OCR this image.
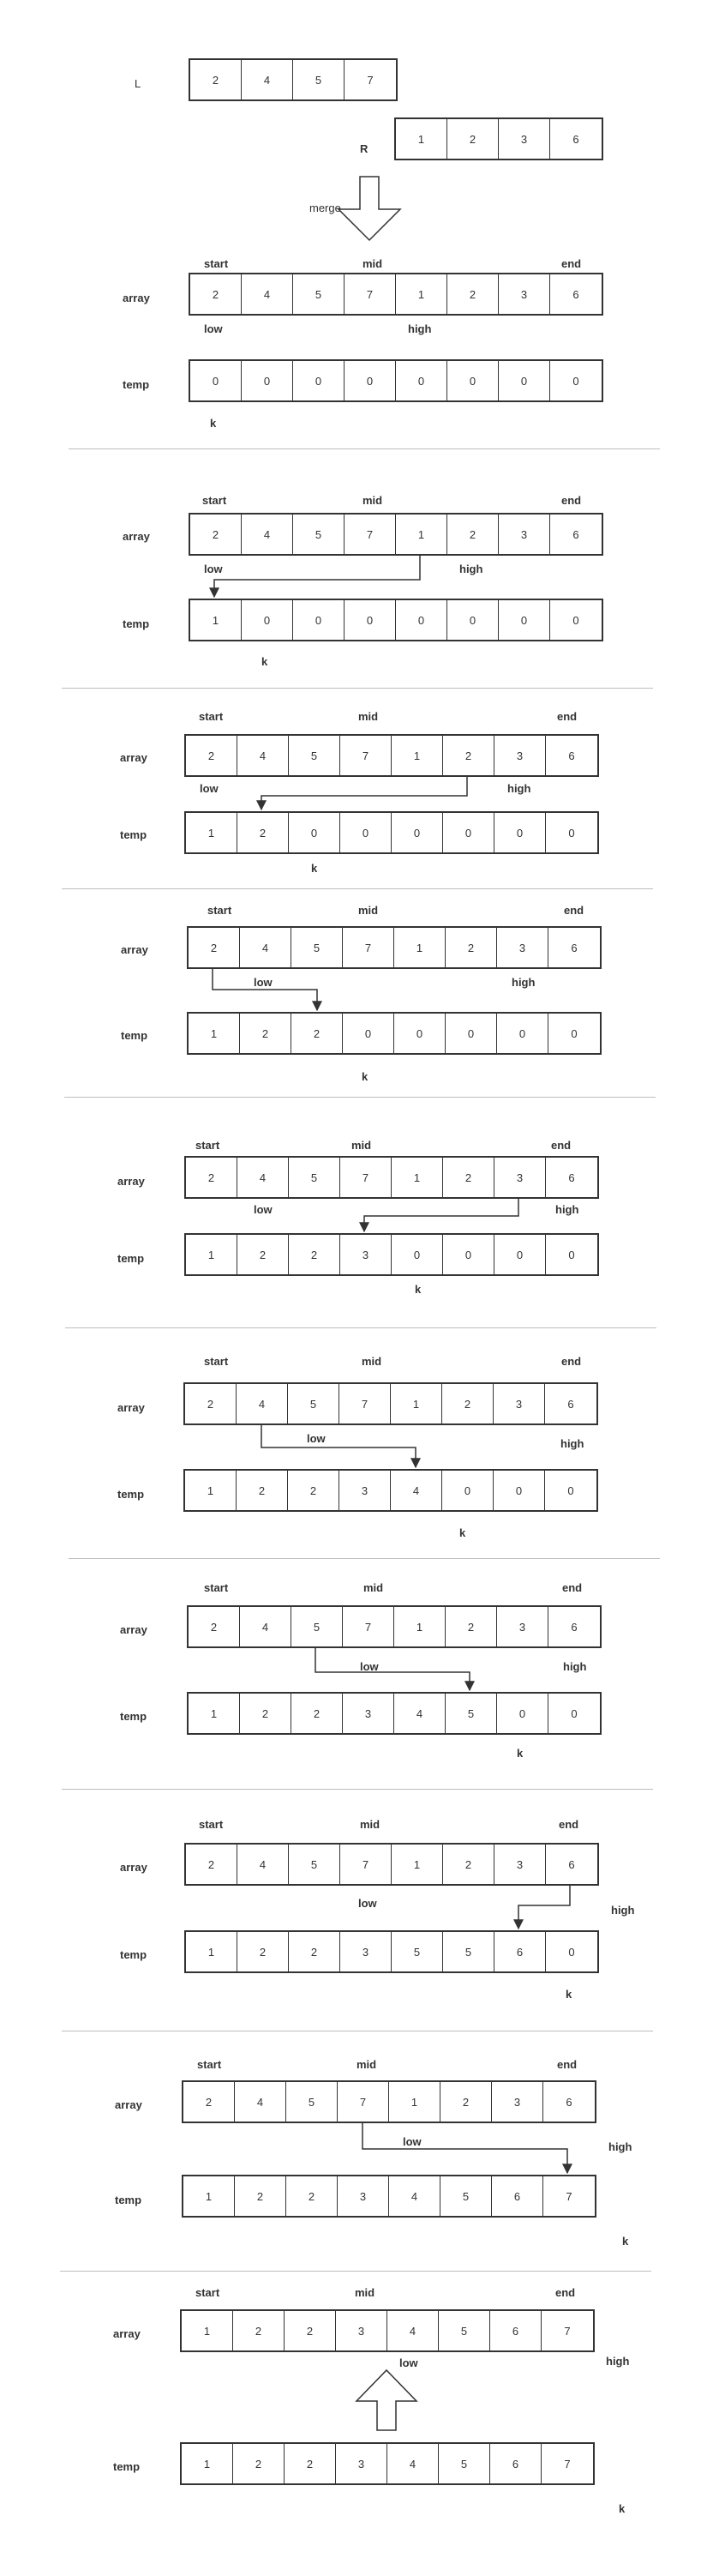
L	2	4	5	7
R
1	2	3	6
merge
start	mid	end
array	2	4	5	7	1	2	3	6
low	high
temp	0	0	0	0	0	0	0	0
k
start	mid	end
array	2	4	5	7	1	2	3	6
low	high
temp	1	0	0	0	0	0	0	0
k
start	mid	end
array	2	4	5	7	1	2	3	6
low	high
temp	1	2	0	0	0	0	0	0
k
start	mid	end
array	2	4	5	7	1	2	3	6
low	high
temp	1	2	2	0	0	0	0	0
k
start	mid	end
array	2	4	5	7	1	2	3	6
low	high
temp	1	2	2	3	0	0	0	0
k
start	mid	end
array	2	4	5	7	1	2	3	6
low	high
temp	1	2	2	3	4	0	0	0
k
start	mid	end
array	2	4	5	7	1	2	3	6
low	high
temp	1	2	2	3	4	5	0	0
k
start	mid	end
array	2	4	5	7	1	2	3	6
low
high
temp	1	2	2	3	5	5	6	0
k
start	mid	end
array	2	4	5	7	1	2	3	6
low	high
temp	1	2	2	3	4	5	6	7
k
start	mid	end
array	1	2	2	3	4	5	6	7
low	high
temp	1	2	2	3	4	5	6	7
k
